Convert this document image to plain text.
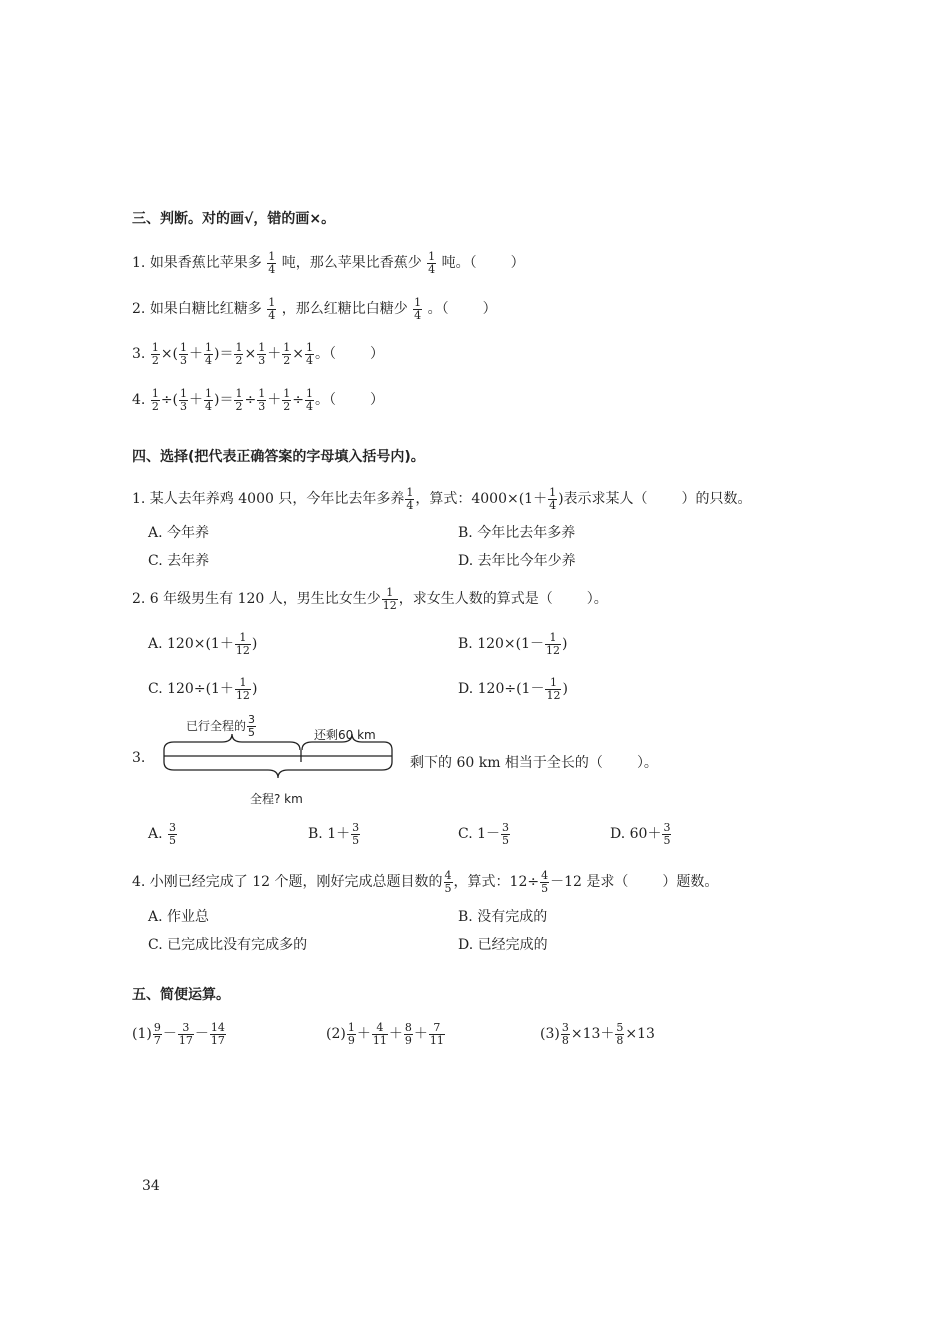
三、判断。对的画√，错的画×。
1. 如果香蕉比苹果多 $\frac{1}{4}$ 吨，那么苹果比香蕉少 $\frac{1}{4}$ 吨。（ ）
2. 如果白糖比红糖多 $\frac{1}{4}$ ，那么红糖比白糖少 $\frac{1}{4}$ 。（ ）
3. $\frac{1}{2}$ ×( $\frac{1}{3} + \frac{1}{4}$ )＝ $\frac{1}{2} \times \frac{1}{3} + \frac{1}{2} \times \frac{1}{4}$ 。（ ）
4. $\frac{1}{2}$ ÷( $\frac{1}{3} + \frac{1}{4}$ )＝ $\frac{1}{2} \div \frac{1}{3} + \frac{1}{2} \div \frac{1}{4}$ 。（ ）
四、选择(把代表正确答案的字母填入括号内)。
1. 某人去年养鸡 4000 只，今年比去年多养 $\frac{1}{4}$ ，算式：$4000\times(1+ \frac{1}{4}$ )表示求某人（ ）的只数。
A. 今年养	B. 今年比去年多养
C. 去年养	D. 去年比今年少养
2. 6 年级男生有 120 人，男生比女生少 $\frac{1}{12}$ ，求女生人数的算式是（ ）。
A. $120\times(1+ \frac{1}{12}$ )	B. $120\times(1- \frac{1}{12}$ )
C. $120\div(1+ \frac{1}{12}$ )	D. $120\div(1- \frac{1}{12}$ )
3.
已行全程的 $\frac{3}{5}$	还剩60 km
全程? km
剩下的 60 km 相当于全长的（ ）。
A. $\frac{3}{5}$	B. $1+ \frac{3}{5}$	C. $1- \frac{3}{5}$	D. $60+ \frac{3}{5}$
4. 小刚已经完成了 12 个题，刚好完成总题目数的 $\frac{4}{5}$ ，算式：$12\div \frac{4}{5} -12$ 是求（ ）题数。
A. 作业总	B. 没有完成的
C. 已完成比没有完成多的	D. 已经完成的
五、简便运算。
$(1) \frac{9}{7} - \frac{3}{17} - \frac{14}{17}$	$(2) \frac{1}{9} + \frac{4}{11} + \frac{8}{9} + \frac{7}{11}$	$(3) \frac{3}{8} \times 13+ \frac{5}{8} \times 13$
34
